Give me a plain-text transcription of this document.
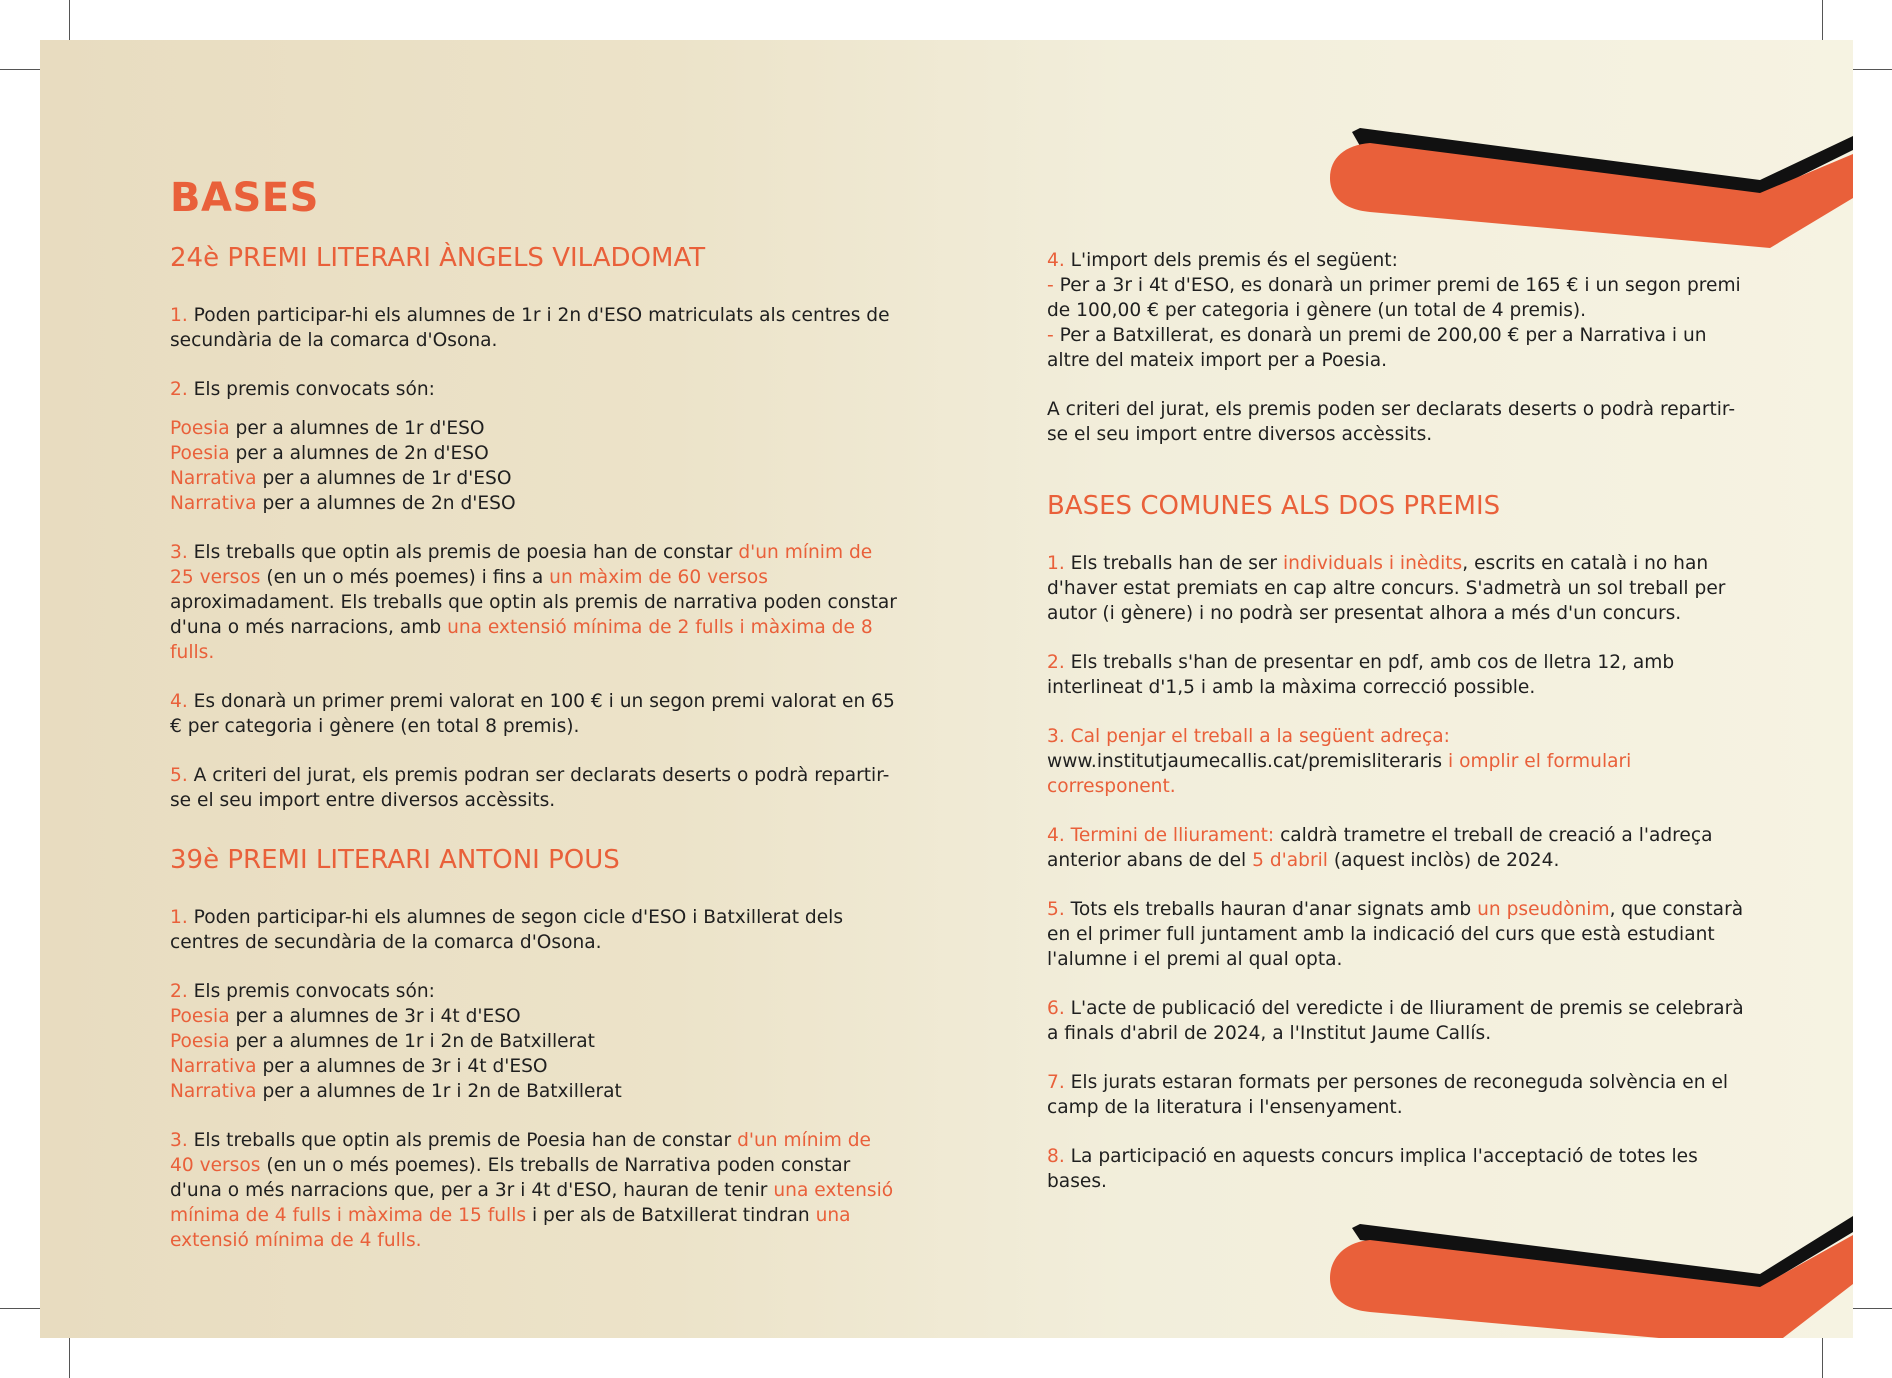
BASES
24è PREMI LITERARI ÀNGELS VILADOMAT

1. Poden participar-hi els alumnes de 1r i 2n d'ESO matriculats als centres de secundària de la comarca d'Osona.

2. Els premis convocats són:

Poesia per a alumnes de 1r d'ESO
Poesia per a alumnes de 2n d'ESO
Narrativa per a alumnes de 1r d'ESO
Narrativa per a alumnes de 2n d'ESO

3. Els treballs que optin als premis de poesia han de constar d'un mínim de 25 versos (en un o més poemes) i fins a un màxim de 60 versos aproximadament. Els treballs que optin als premis de narrativa poden constar d'una o més narracions, amb una extensió mínima de 2 fulls i màxima de 8 fulls.

4. Es donarà un primer premi valorat en 100 € i un segon premi valorat en 65 € per categoria i gènere (en total 8 premis).

5. A criteri del jurat, els premis podran ser declarats deserts o podrà repartir-se el seu import entre diversos accèssits.

39è PREMI LITERARI ANTONI POUS

1. Poden participar-hi els alumnes de segon cicle d'ESO i Batxillerat dels centres de secundària de la comarca d'Osona.

2. Els premis convocats són:

Poesia per a alumnes de 3r i 4t d'ESO
Poesia per a alumnes de 1r i 2n de Batxillerat
Narrativa per a alumnes de 3r i 4t d'ESO
Narrativa per a alumnes de 1r i 2n de Batxillerat

3. Els treballs que optin als premis de Poesia han de constar d'un mínim de 40 versos (en un o més poemes). Els treballs de Narrativa poden constar d'una o més narracions que, per a 3r i 4t d'ESO, hauran de tenir una extensió mínima de 4 fulls i màxima de 15 fulls i per als de Batxillerat tindran una extensió mínima de 4 fulls.

4. L'import dels premis és el següent:
- Per a 3r i 4t d'ESO, es donarà un primer premi de 165 € i un segon premi de 100,00 € per categoria i gènere (un total de 4 premis).
- Per a Batxillerat, es donarà un premi de 200,00 € per a Narrativa i un altre del mateix import per a Poesia.

A criteri del jurat, els premis poden ser declarats deserts o podrà repartir-se el seu import entre diversos accèssits.

BASES COMUNES ALS DOS PREMIS

1. Els treballs han de ser individuals i inèdits, escrits en català i no han d'haver estat premiats en cap altre concurs. S'admetrà un sol treball per autor (i gènere) i no podrà ser presentat alhora a més d'un concurs.

2. Els treballs s'han de presentar en pdf, amb cos de lletra 12, amb interlineat d'1,5 i amb la màxima correcció possible.

3. Cal penjar el treball a la següent adreça: www.institutjaumecallis.cat/premisliteraris i omplir el formulari corresponent.

4. Termini de lliurament: caldrà trametre el treball de creació a l'adreça anterior abans de del 5 d'abril (aquest inclòs) de 2024.

5. Tots els treballs hauran d'anar signats amb un pseudònim, que constarà en el primer full juntament amb la indicació del curs que està estudiant l'alumne i el premi al qual opta.

6. L'acte de publicació del veredicte i de lliurament de premis se celebrarà a finals d'abril de 2024, a l'Institut Jaume Callís.

7. Els jurats estaran formats per persones de reconeguda solvència en el camp de la literatura i l'ensenyament.

8. La participació en aquests concurs implica l'acceptació de totes les bases.
